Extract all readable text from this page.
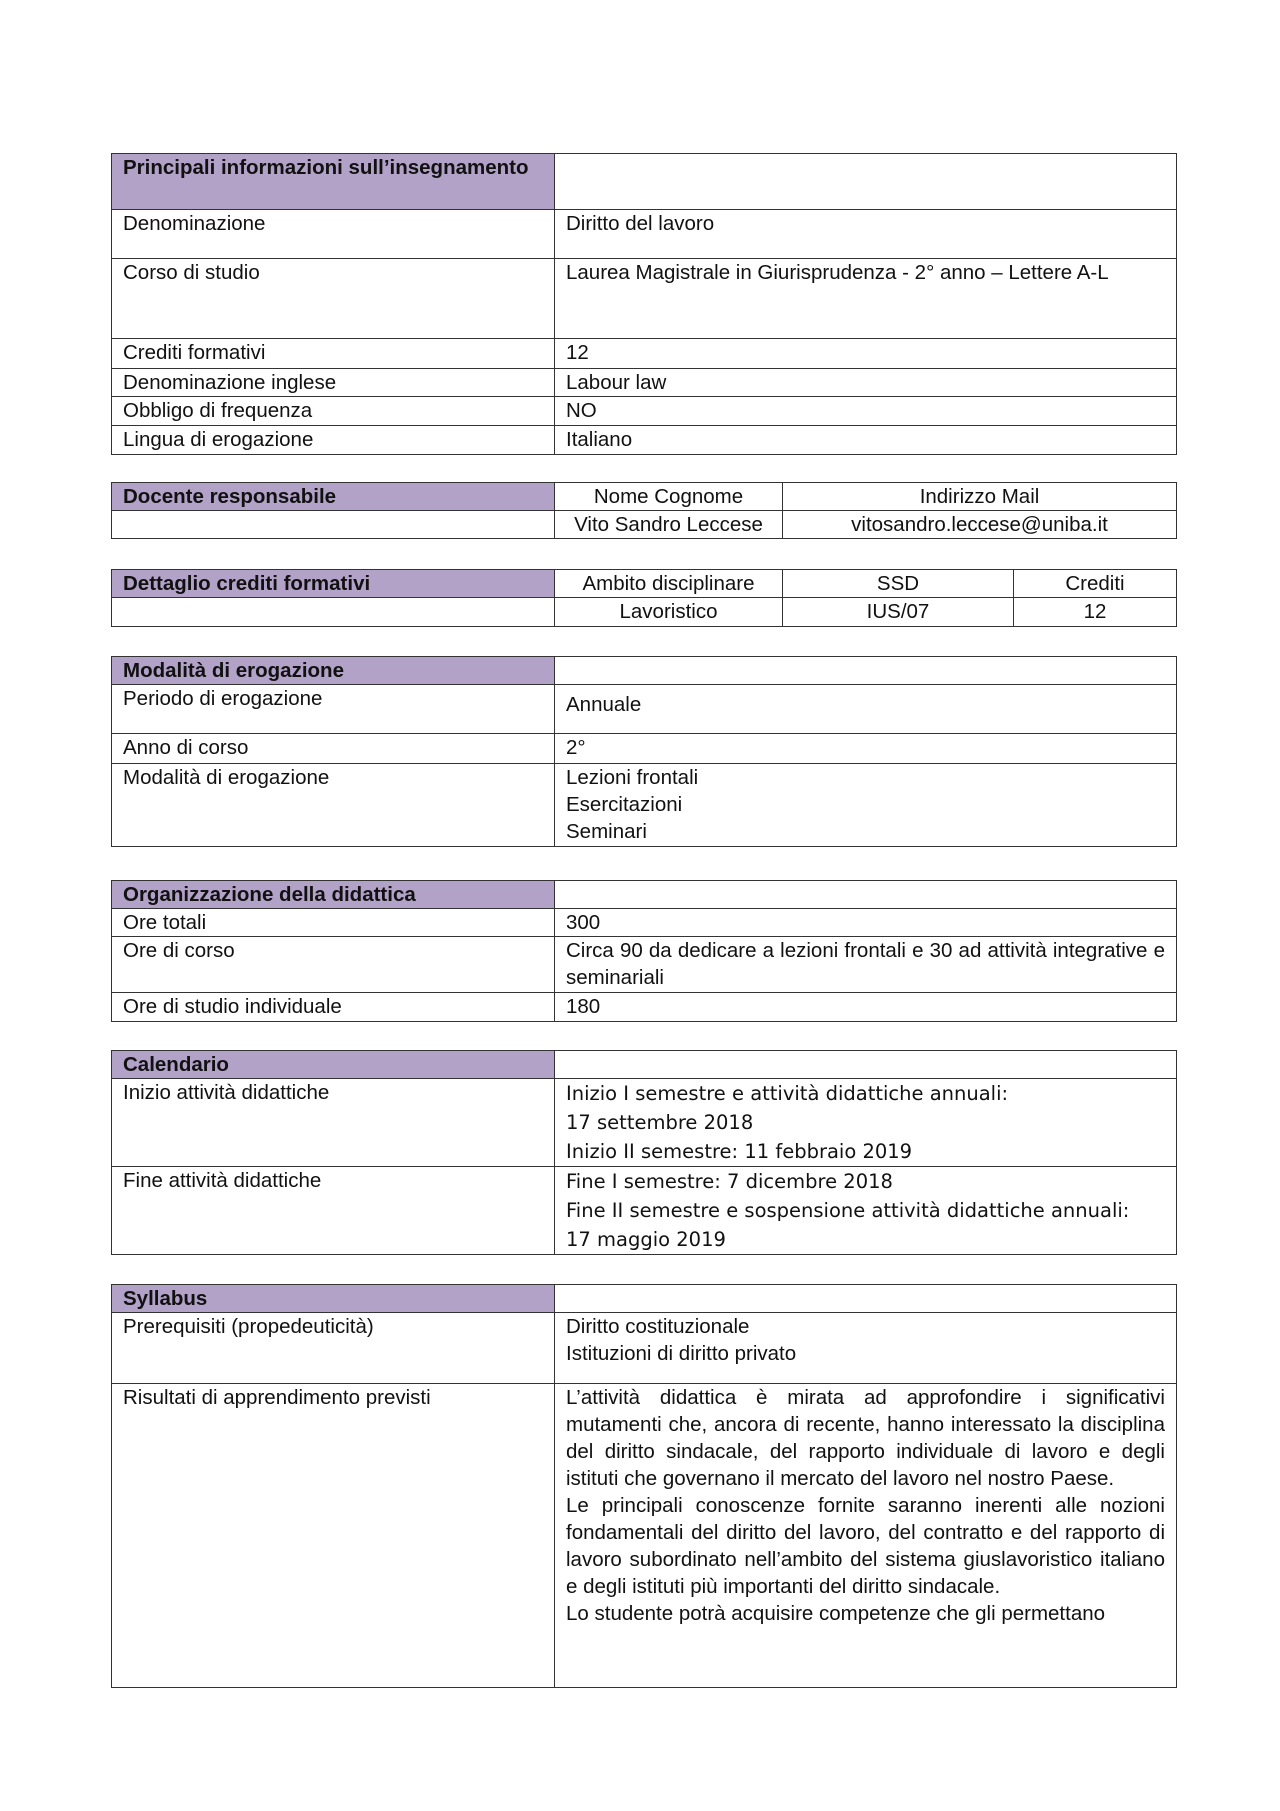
Principali informazioni sull’insegnamento	
Denominazione	Diritto del lavoro
Corso di studio	Laurea Magistrale in Giurisprudenza - 2° anno – Lettere A-L
Crediti formativi	12
Denominazione inglese	Labour law
Obbligo di frequenza	NO
Lingua di erogazione	Italiano
Docente responsabile	Nome Cognome	Indirizzo Mail
	Vito Sandro Leccese	vitosandro.leccese@uniba.it
Dettaglio crediti formativi	Ambito disciplinare	SSD	Crediti
	Lavoristico	IUS/07	12
Modalità di erogazione	
Periodo di erogazione	Annuale
Anno di corso	2°
Modalità di erogazione	Lezioni frontali
Esercitazioni
Seminari
Organizzazione della didattica	
Ore totali	300
Ore di corso	Circa 90 da dedicare a lezioni frontali e 30 ad attività integrative e seminariali
Ore di studio individuale	180
Calendario	
Inizio attività didattiche	Inizio I semestre e attività didattiche annuali:
17 settembre 2018
Inizio II semestre: 11 febbraio 2019

Fine attività didattiche	Fine I semestre: 7 dicembre 2018
Fine II semestre e sospensione attività didattiche annuali:
17 maggio 2019
Syllabus	
Prerequisiti (propedeuticità)	Diritto costituzionale
Istituzioni di diritto privato

Risultati di apprendimento previsti	L’attività didattica è mirata ad approfondire i significativi mutamenti che, ancora di recente, hanno interessato la disciplina del diritto sindacale, del rapporto individuale di lavoro e degli istituti che governano il mercato del lavoro nel nostro Paese.
Le principali conoscenze fornite saranno inerenti alle nozioni fondamentali del diritto del lavoro, del contratto e del rapporto di lavoro subordinato nell’ambito del sistema giuslavoristico italiano e degli istituti più importanti del diritto sindacale.
Lo studente potrà acquisire competenze che gli permettano
